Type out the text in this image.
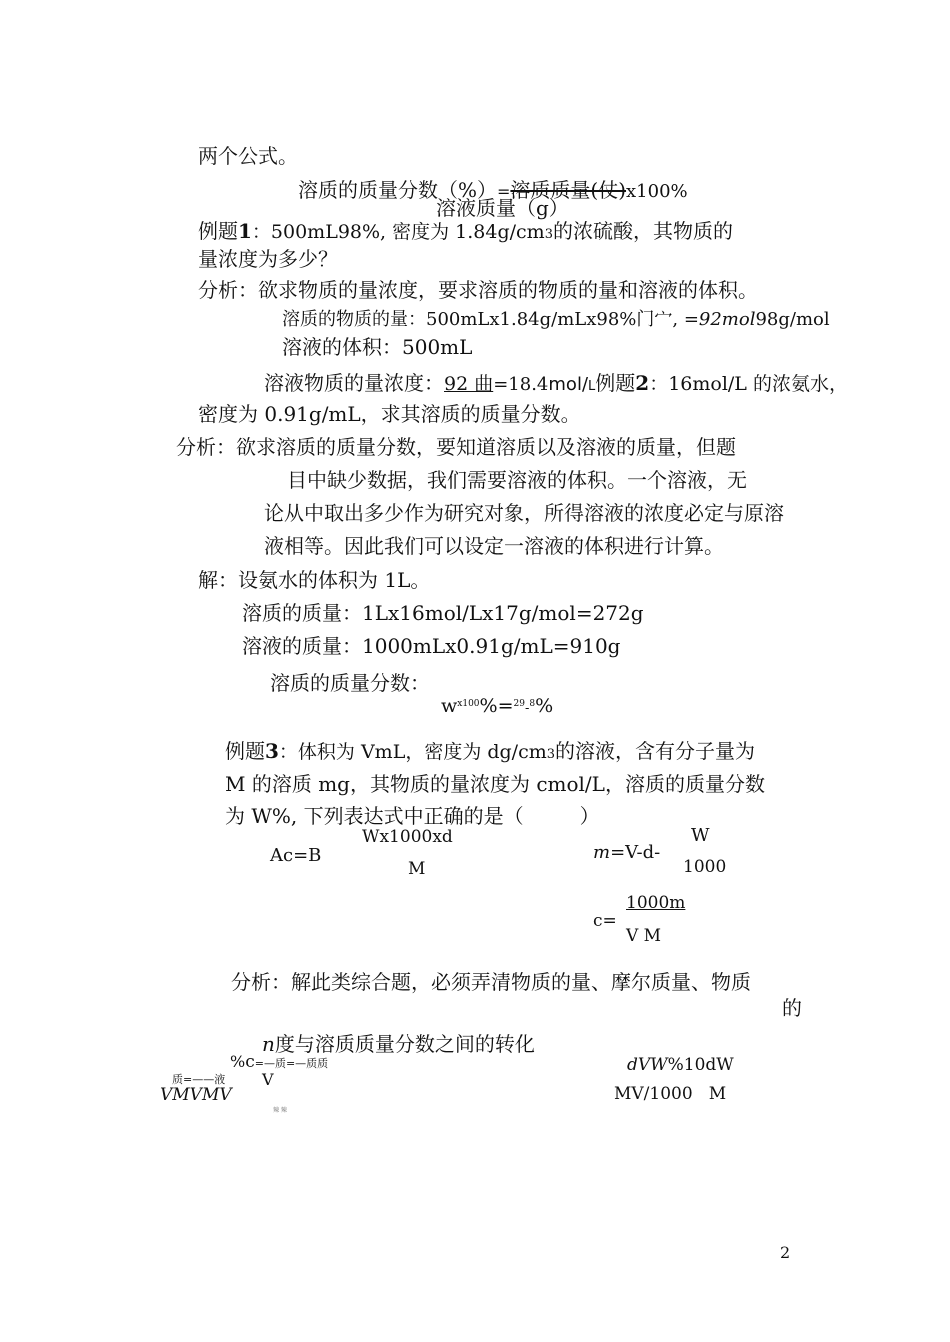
两个公式。
溶质的质量分数（%）=溶质质量(仗)x100%
溶液质量（g）
例题1：500mL98%, 密度为 1.84g/cm3的浓硫酸，其物质的
量浓度为多少？
分析：欲求物质的量浓度，要求溶质的物质的量和溶液的体积。
溶质的物质的量：500mLx1.84g/mLx98%门宀, =92mol98g/mol
溶液的体积：500mL
溶液物质的量浓度：92 曲=18.4mol/L例题2：16mol/L 的浓氨水，
密度为 0.91g/mL，求其溶质的质量分数。
分析：欲求溶质的质量分数，要知道溶质以及溶液的质量，但题
目中缺少数据，我们需要溶液的体积。一个溶液，无
论从中取出多少作为研究对象，所得溶液的浓度必定与原溶
液相等。因此我们可以设定一溶液的体积进行计算。
解：设氨水的体积为 1L。
溶质的质量：1Lx16mol/Lx17g/mol=272g
溶液的质量：1000mLx0.91g/mL=910g
溶质的质量分数：
$w^{x100}\%=^{29}-^8\%$
例题3：体积为 VmL，密度为 dg/cm3的溶液，含有分子量为
M 的溶质 mg，其物质的量浓度为 cmol/L，溶质的质量分数
为 W%, 下列表达式中正确的是（	）
Ac=B
Wx1000xd
M
m=V-d-
W
1000
c=
1000m
V M
分析：解此类综合题，必须弄清物质的量、摩尔质量、物质
的
n度与溶质质量分数之间的转化
%c=—质=—质质	dVW%10dW
质=——液 V
VMVMV	MV/1000 M
辣 辣
2
